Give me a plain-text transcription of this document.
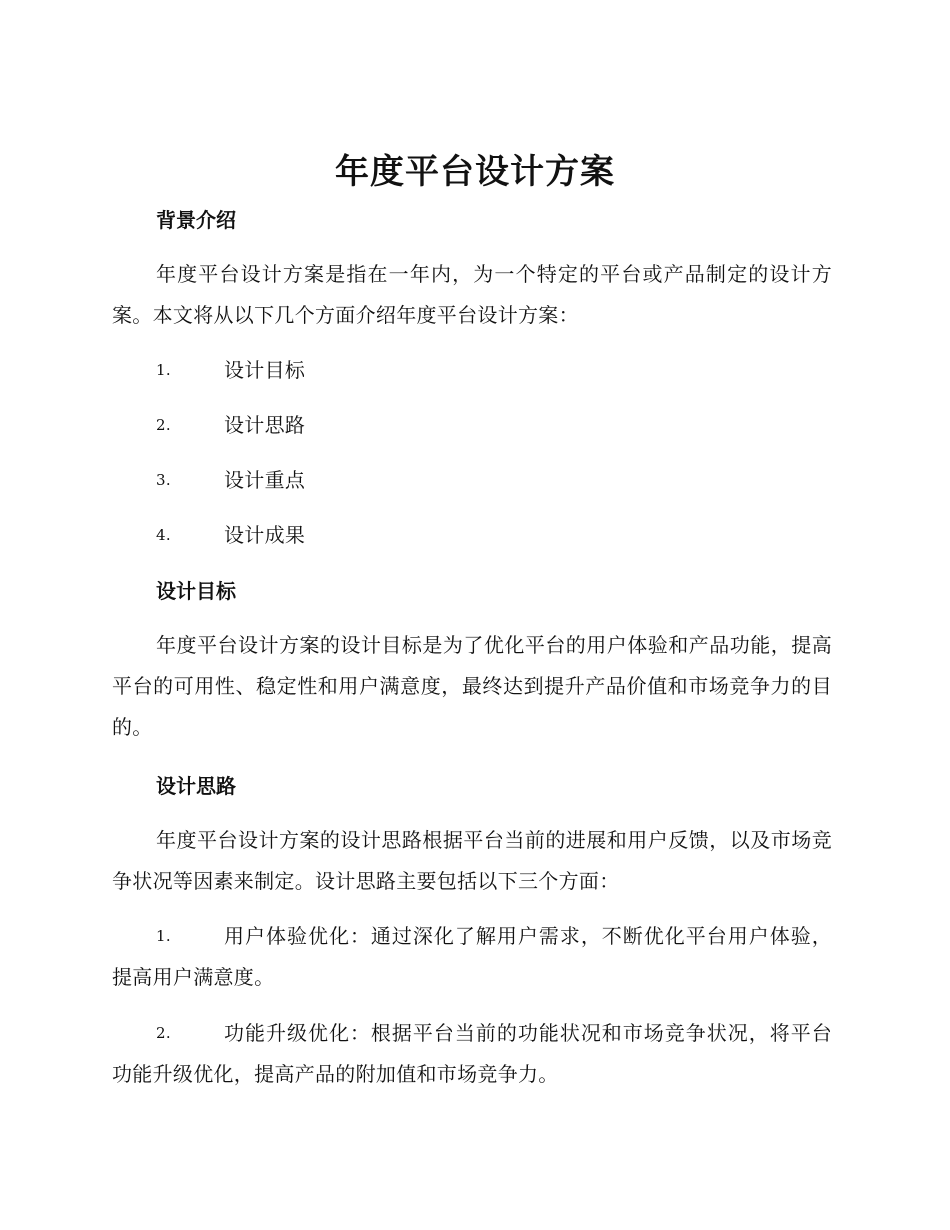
年度平台设计方案
背景介绍
年度平台设计方案是指在一年内，为一个特定的平台或产品制定的设计方案。本文将从以下几个方面介绍年度平台设计方案：
1.	设计目标
2.	设计思路
3.	设计重点
4.	设计成果
设计目标
年度平台设计方案的设计目标是为了优化平台的用户体验和产品功能，提高平台的可用性、稳定性和用户满意度，最终达到提升产品价值和市场竞争力的目的。
设计思路
年度平台设计方案的设计思路根据平台当前的进展和用户反馈，以及市场竞争状况等因素来制定。设计思路主要包括以下三个方面：
1.	用户体验优化：通过深化了解用户需求，不断优化平台用户体验，提高用户满意度。
2.	功能升级优化：根据平台当前的功能状况和市场竞争状况，将平台功能升级优化，提高产品的附加值和市场竞争力。
